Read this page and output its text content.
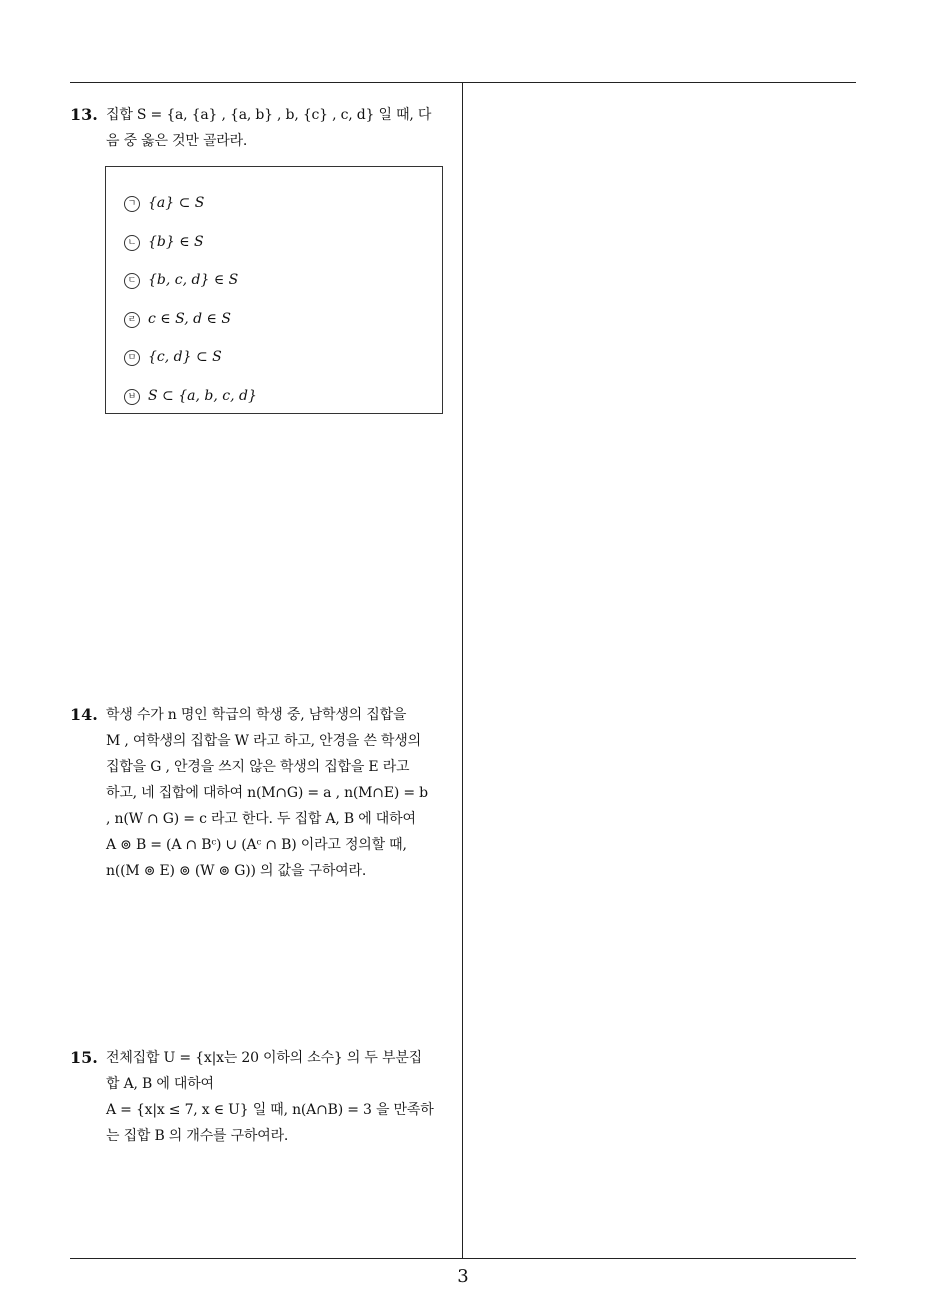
13. 집합 S = {a, {a} , {a, b} , b, {c} , c, d} 일 때, 다
음 중 옳은 것만 골라라.
ㄱ {a} ⊂ S
ㄴ {b} ∈ S
ㄷ {b, c, d} ∈ S
ㄹ c ∈ S, d ∈ S
ㅁ {c, d} ⊂ S
ㅂ S ⊂ {a, b, c, d}
14. 학생 수가 n 명인 학급의 학생 중, 남학생의 집합을
M , 여학생의 집합을 W 라고 하고, 안경을 쓴 학생의
집합을 G , 안경을 쓰지 않은 학생의 집합을 E 라고
하고, 네 집합에 대하여 n(M∩G) = a , n(M∩E) = b
, n(W ∩ G) = c 라고 한다. 두 집합 A, B 에 대하여
A ⊚ B = (A ∩ Bᶜ) ∪ (Aᶜ ∩ B) 이라고 정의할 때,
n((M ⊚ E) ⊚ (W ⊚ G)) 의 값을 구하여라.
15. 전체집합 U = {x|x는 20 이하의 소수} 의 두 부분집
합 A, B 에 대하여
A = {x|x ≤ 7, x ∈ U} 일 때, n(A∩B) = 3 을 만족하
는 집합 B 의 개수를 구하여라.
3
